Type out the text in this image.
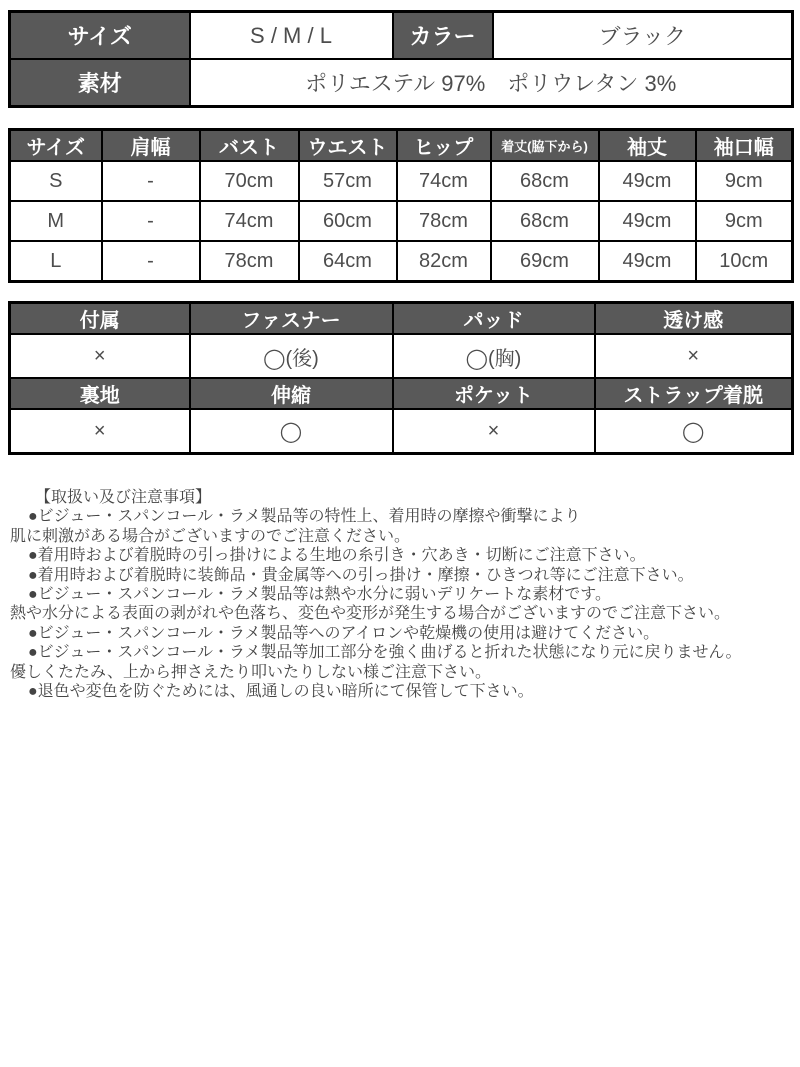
サイズ	S / M / L	カラー	ブラック
素材	ポリエステル 97%　ポリウレタン 3%		
サイズ	肩幅	バスト	ウエスト	ヒップ	着丈(脇下から)	袖丈	袖口幅
S	-	70cm	57cm	74cm	68cm	49cm	9cm
M	-	74cm	60cm	78cm	68cm	49cm	9cm
L	-	78cm	64cm	82cm	69cm	49cm	10cm
付属	ファスナー	パッド	透け感
×	◯(後)	◯(胸)	×
裏地	伸縮	ポケット	ストラップ着脱
×	◯	×	◯
【取扱い及び注意事項】
●ビジュー・スパンコール・ラメ製品等の特性上、着用時の摩擦や衝撃により
肌に刺激がある場合がございますのでご注意ください。
●着用時および着脱時の引っ掛けによる生地の糸引き・穴あき・切断にご注意下さい。
●着用時および着脱時に装飾品・貴金属等への引っ掛け・摩擦・ひきつれ等にご注意下さい。
●ビジュー・スパンコール・ラメ製品等は熱や水分に弱いデリケートな素材です。
熱や水分による表面の剥がれや色落ち、変色や変形が発生する場合がございますのでご注意下さい。
●ビジュー・スパンコール・ラメ製品等へのアイロンや乾燥機の使用は避けてください。
●ビジュー・スパンコール・ラメ製品等加工部分を強く曲げると折れた状態になり元に戻りません。
優しくたたみ、上から押さえたり叩いたりしない様ご注意下さい。
●退色や変色を防ぐためには、風通しの良い暗所にて保管して下さい。
